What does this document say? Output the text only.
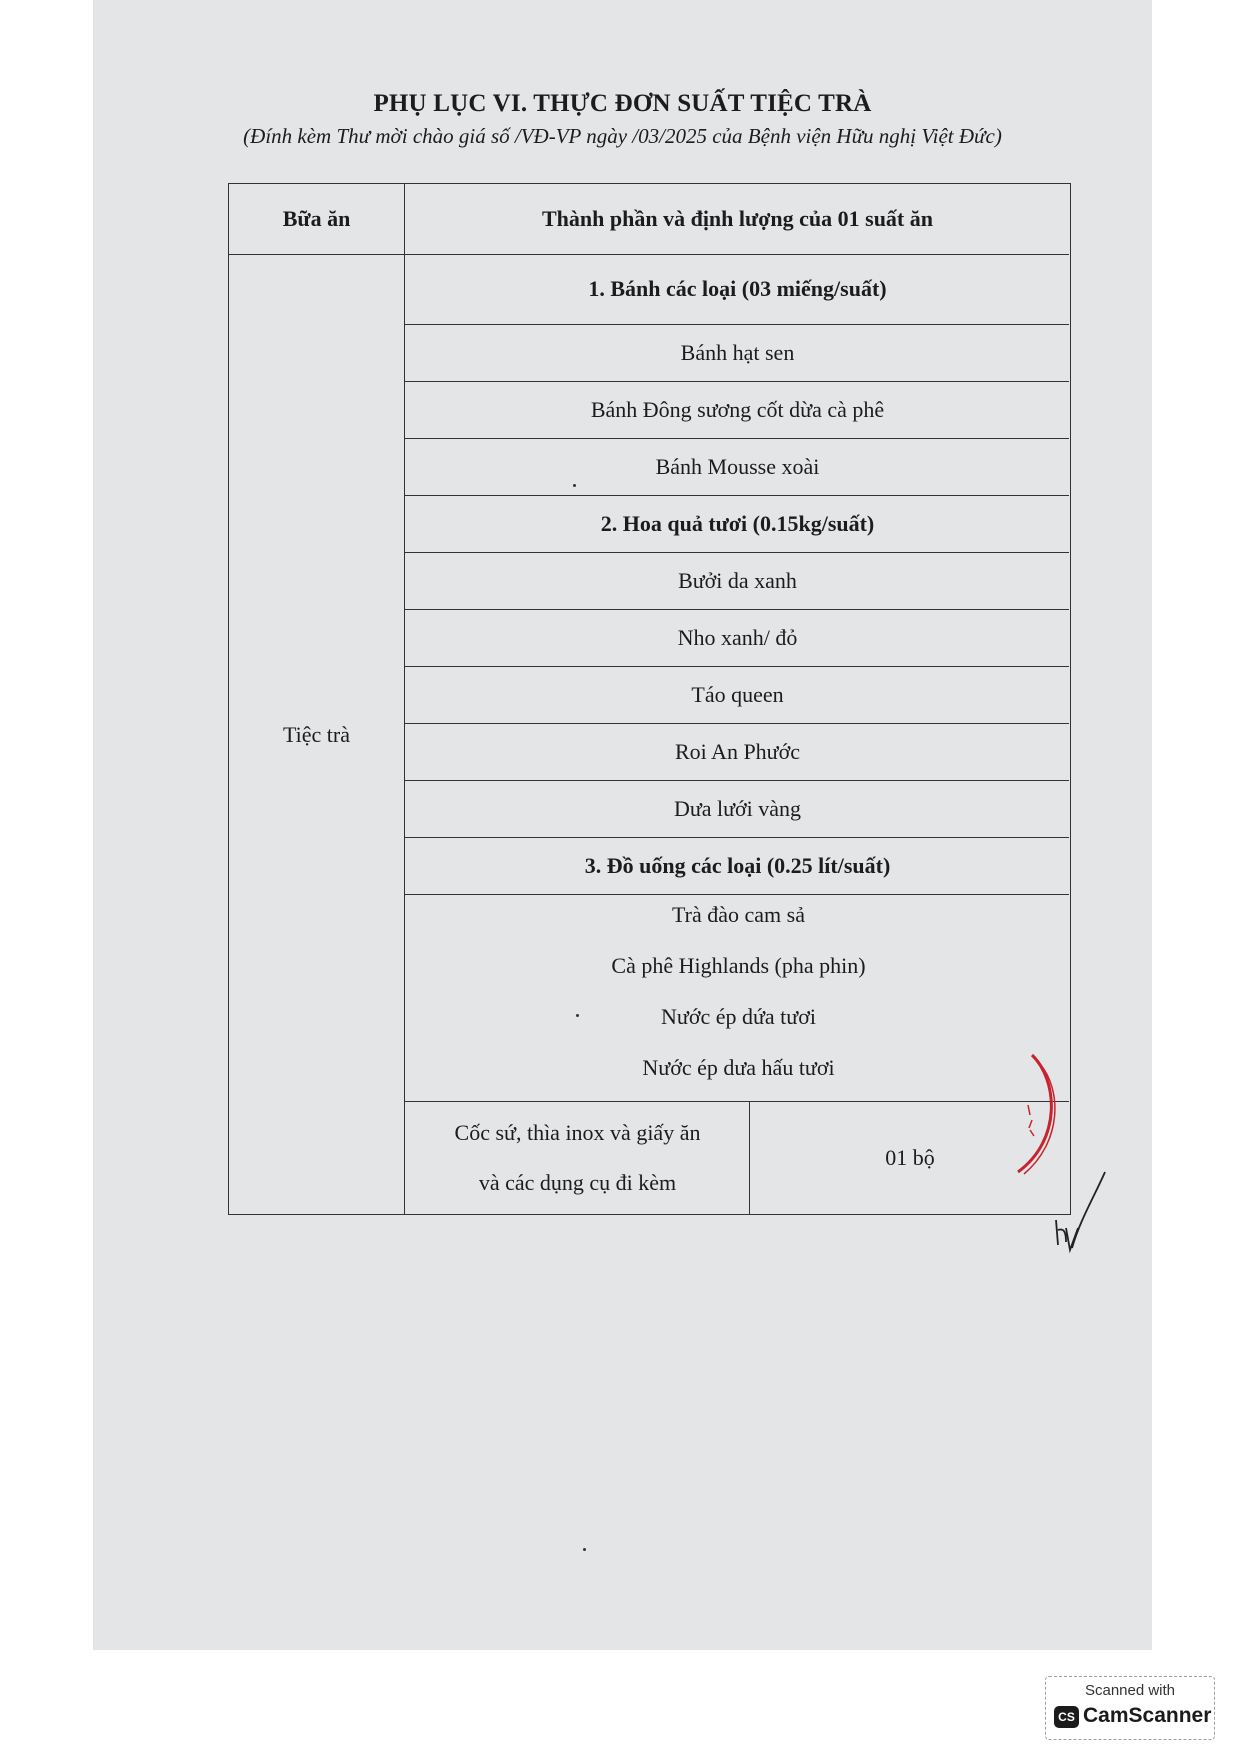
PHỤ LỤC VI. THỰC ĐƠN SUẤT TIỆC TRÀ
(Đính kèm Thư mời chào giá số /VĐ-VP ngày /03/2025 của Bệnh viện Hữu nghị Việt Đức)
Bữa ăn	Thành phần và định lượng của 01 suất ăn
Tiệc trà
1. Bánh các loại (03 miếng/suất)
Bánh hạt sen
Bánh Đông sương cốt dừa cà phê
Bánh Mousse xoài
2. Hoa quả tươi (0.15kg/suất)
Bưởi da xanh
Nho xanh/ đỏ
Táo queen
Roi An Phước
Dưa lưới vàng
3. Đồ uống các loại (0.25 lít/suất)
Trà đào cam sả
Cà phê Highlands (pha phin)
Nước ép dứa tươi
Nước ép dưa hấu tươi
Cốc sứ, thìa inox và giấy ăn
và các dụng cụ đi kèm
01 bộ
Scanned with
CS CamScanner
